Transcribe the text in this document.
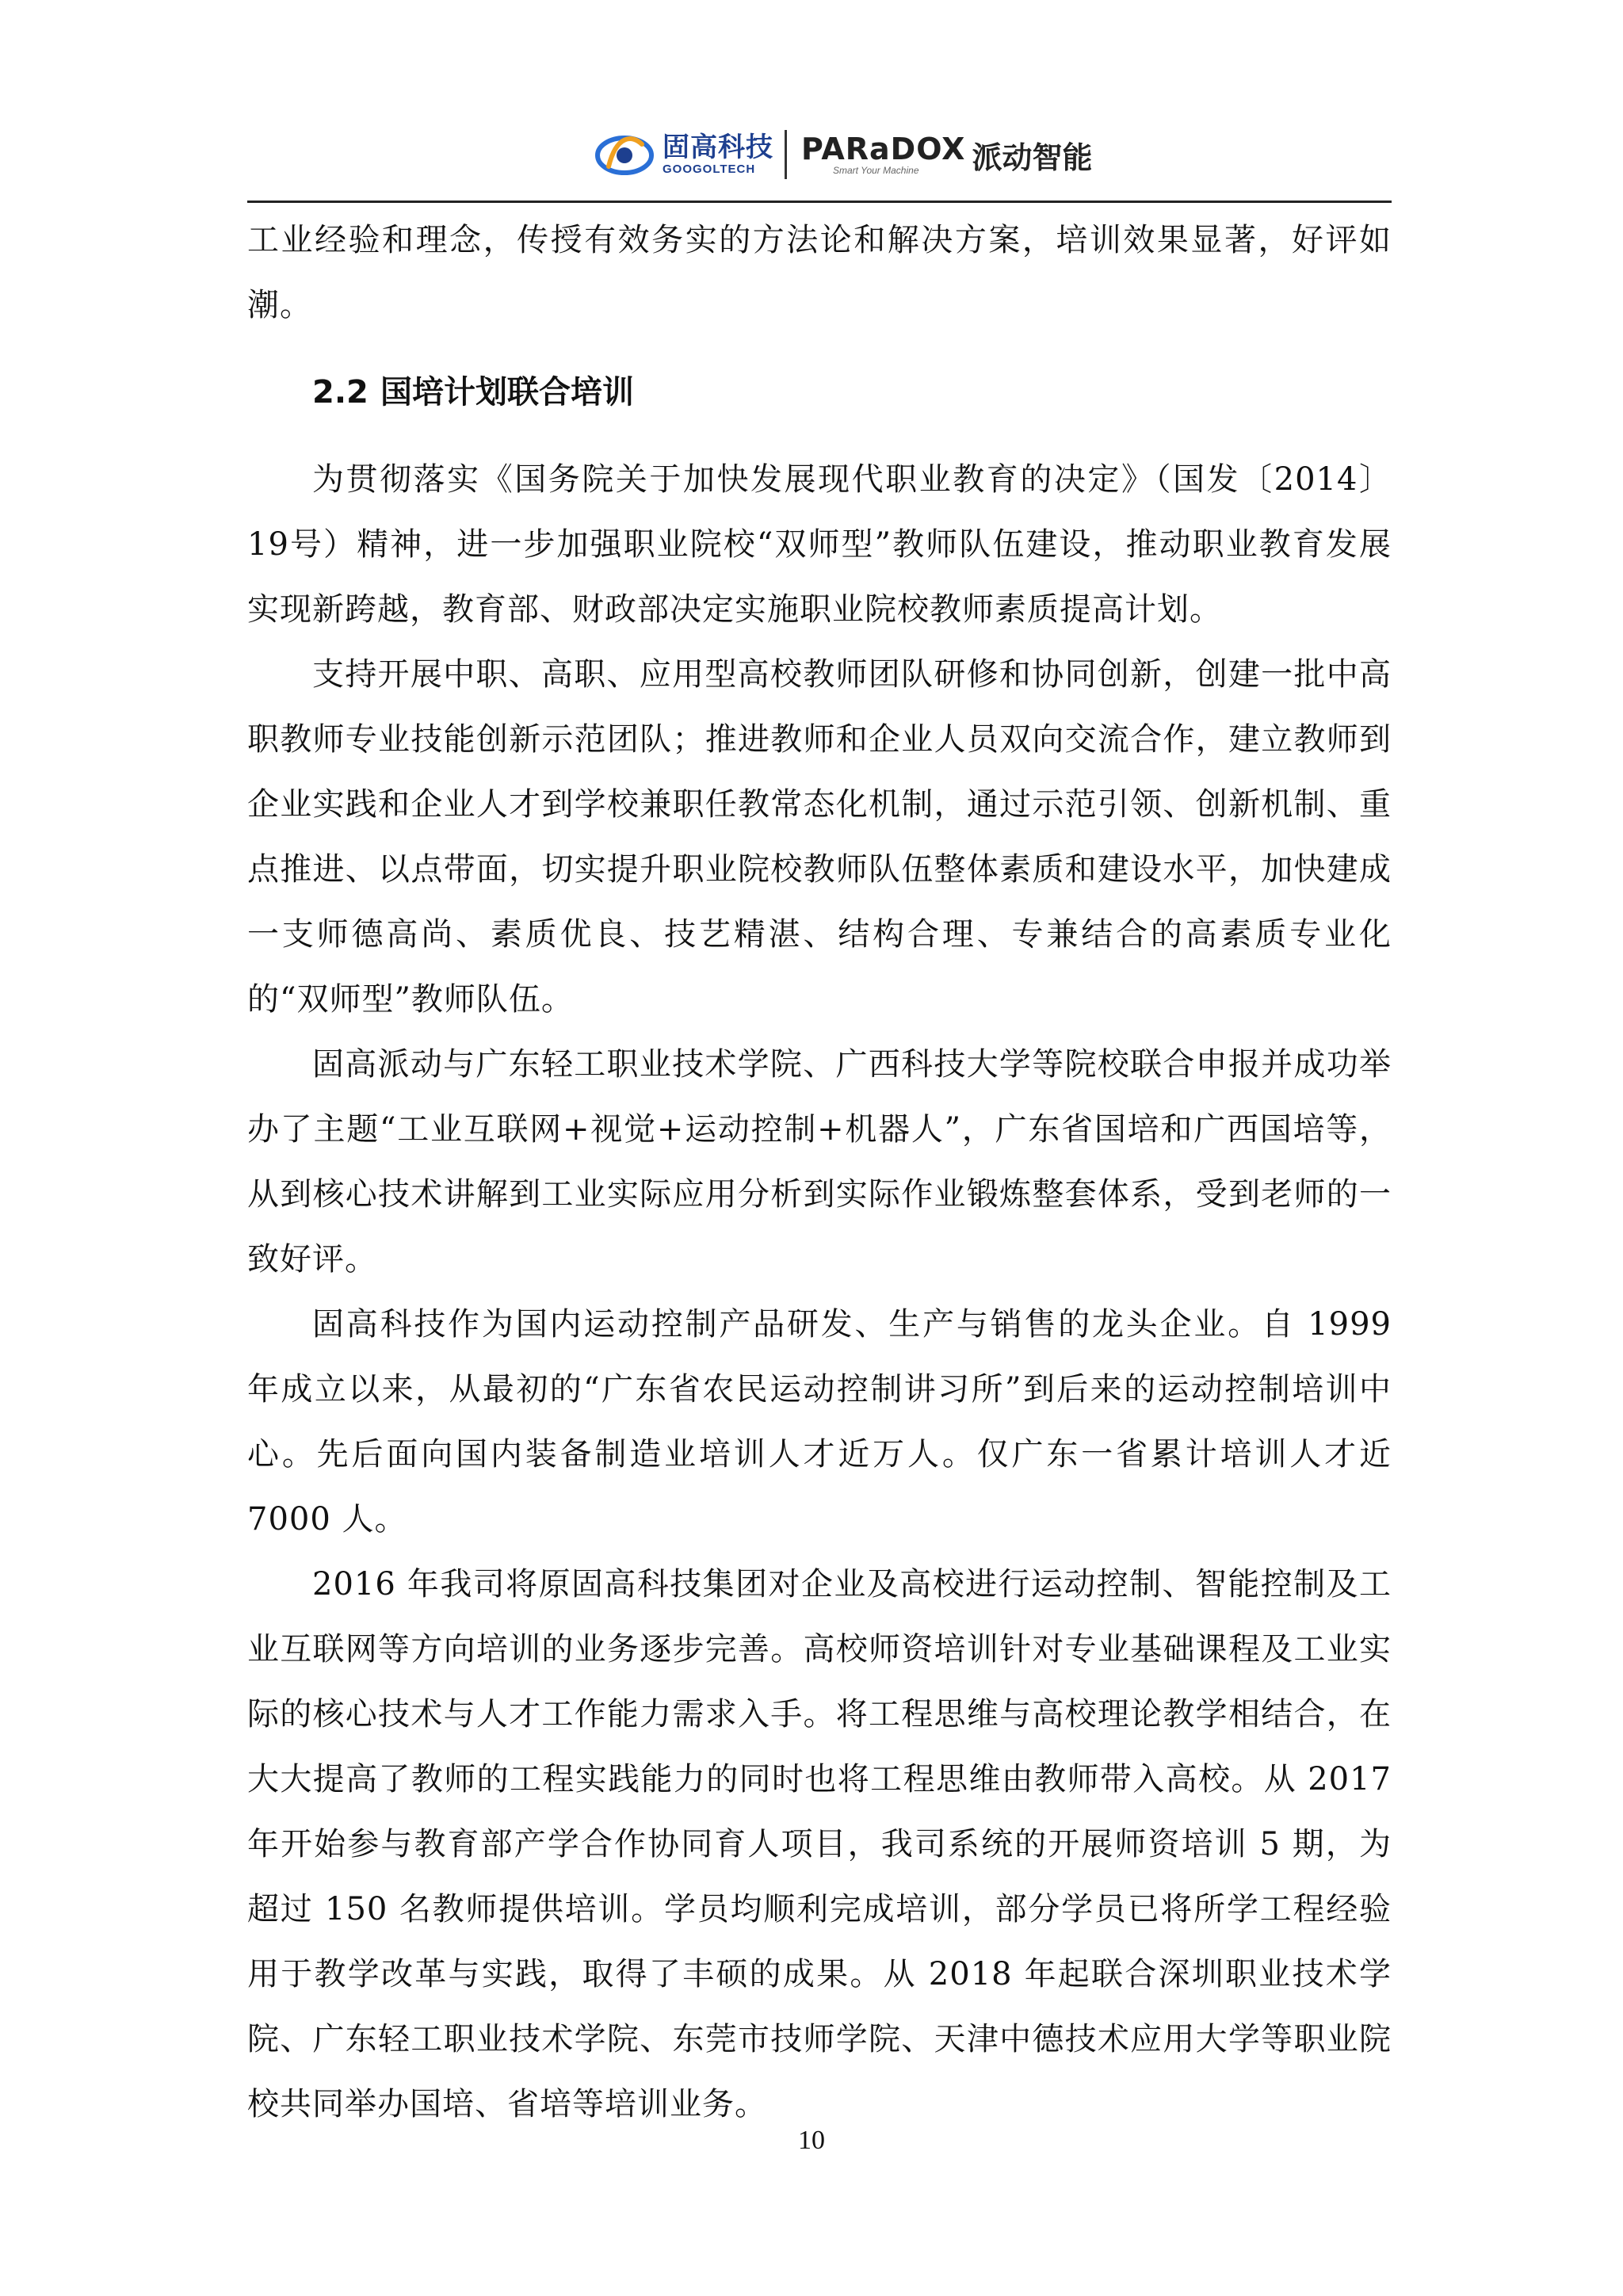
固高科技
GOOGOLTECH
PARaDOX
Smart Your Machine	派动智能

工业经验和理念，传授有效务实的方法论和解决方案，培训效果显著，好评如潮。

2.2 国培计划联合培训

为贯彻落实《国务院关于加快发展现代职业教育的决定》（国发〔2014〕19号）精神，进一步加强职业院校“双师型”教师队伍建设，推动职业教育发展实现新跨越，教育部、财政部决定实施职业院校教师素质提高计划。

支持开展中职、高职、应用型高校教师团队研修和协同创新，创建一批中高职教师专业技能创新示范团队；推进教师和企业人员双向交流合作，建立教师到企业实践和企业人才到学校兼职任教常态化机制，通过示范引领、创新机制、重点推进、以点带面，切实提升职业院校教师队伍整体素质和建设水平，加快建成一支师德高尚、素质优良、技艺精湛、结构合理、专兼结合的高素质专业化的“双师型”教师队伍。

固高派动与广东轻工职业技术学院、广西科技大学等院校联合申报并成功举办了主题“工业互联网+视觉+运动控制+机器人”，广东省国培和广西国培等，从到核心技术讲解到工业实际应用分析到实际作业锻炼整套体系，受到老师的一致好评。

固高科技作为国内运动控制产品研发、生产与销售的龙头企业。自 1999 年成立以来，从最初的“广东省农民运动控制讲习所”到后来的运动控制培训中心。先后面向国内装备制造业培训人才近万人。仅广东一省累计培训人才近 7000 人。

2016 年我司将原固高科技集团对企业及高校进行运动控制、智能控制及工业互联网等方向培训的业务逐步完善。高校师资培训针对专业基础课程及工业实际的核心技术与人才工作能力需求入手。将工程思维与高校理论教学相结合，在大大提高了教师的工程实践能力的同时也将工程思维由教师带入高校。从 2017 年开始参与教育部产学合作协同育人项目，我司系统的开展师资培训 5 期，为超过 150 名教师提供培训。学员均顺利完成培训，部分学员已将所学工程经验用于教学改革与实践，取得了丰硕的成果。从 2018 年起联合深圳职业技术学院、广东轻工职业技术学院、东莞市技师学院、天津中德技术应用大学等职业院校共同举办国培、省培等培训业务。

10
